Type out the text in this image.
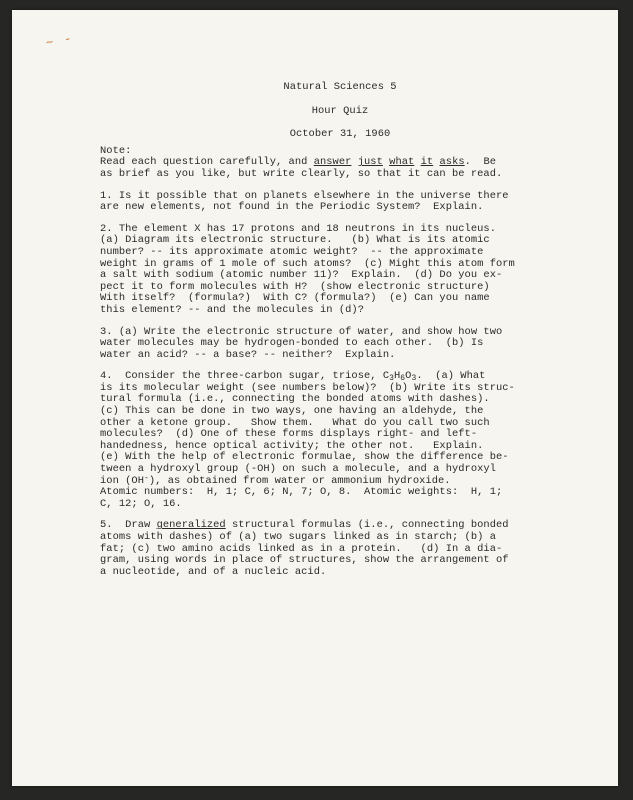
~ -
Natural Sciences 5
Hour Quiz
October 31, 1960
Note:
Read each question carefully, and answer just what it asks.  Be
as brief as you like, but write clearly, so that it can be read.
1. Is it possible that on planets elsewhere in the universe there
are new elements, not found in the Periodic System?  Explain.
2. The element X has 17 protons and 18 neutrons in its nucleus.
(a) Diagram its electronic structure.   (b) What is its atomic
number? -- its approximate atomic weight?  -- the approximate
weight in grams of 1 mole of such atoms?  (c) Might this atom form
a salt with sodium (atomic number 11)?  Explain.  (d) Do you ex-
pect it to form molecules with H?  (show electronic structure)
With itself?  (formula?)  With C? (formula?)  (e) Can you name
this element? -- and the molecules in (d)?
3. (a) Write the electronic structure of water, and show how two
water molecules may be hydrogen-bonded to each other.  (b) Is
water an acid? -- a base? -- neither?  Explain.
4.  Consider the three-carbon sugar, triose, $C_3H_6O_3$.  (a) What
is its molecular weight (see numbers below)?  (b) Write its struc-
tural formula (i.e., connecting the bonded atoms with dashes).
(c) This can be done in two ways, one having an aldehyde, the
other a ketone group.   Show them.   What do you call two such
molecules?  (d) One of these forms displays right- and left-
handedness, hence optical activity; the other not.   Explain.
(e) With the help of electronic formulae, show the difference be-
tween a hydroxyl group (-OH) on such a molecule, and a hydroxyl
ion (OH-), as obtained from water or ammonium hydroxide.
Atomic numbers:  H, 1; C, 6; N, 7; O, 8.  Atomic weights:  H, 1;
C, 12; O, 16.
5.  Draw generalized structural formulas (i.e., connecting bonded
atoms with dashes) of (a) two sugars linked as in starch; (b) a
fat; (c) two amino acids linked as in a protein.   (d) In a dia-
gram, using words in place of structures, show the arrangement of
a nucleotide, and of a nucleic acid.
